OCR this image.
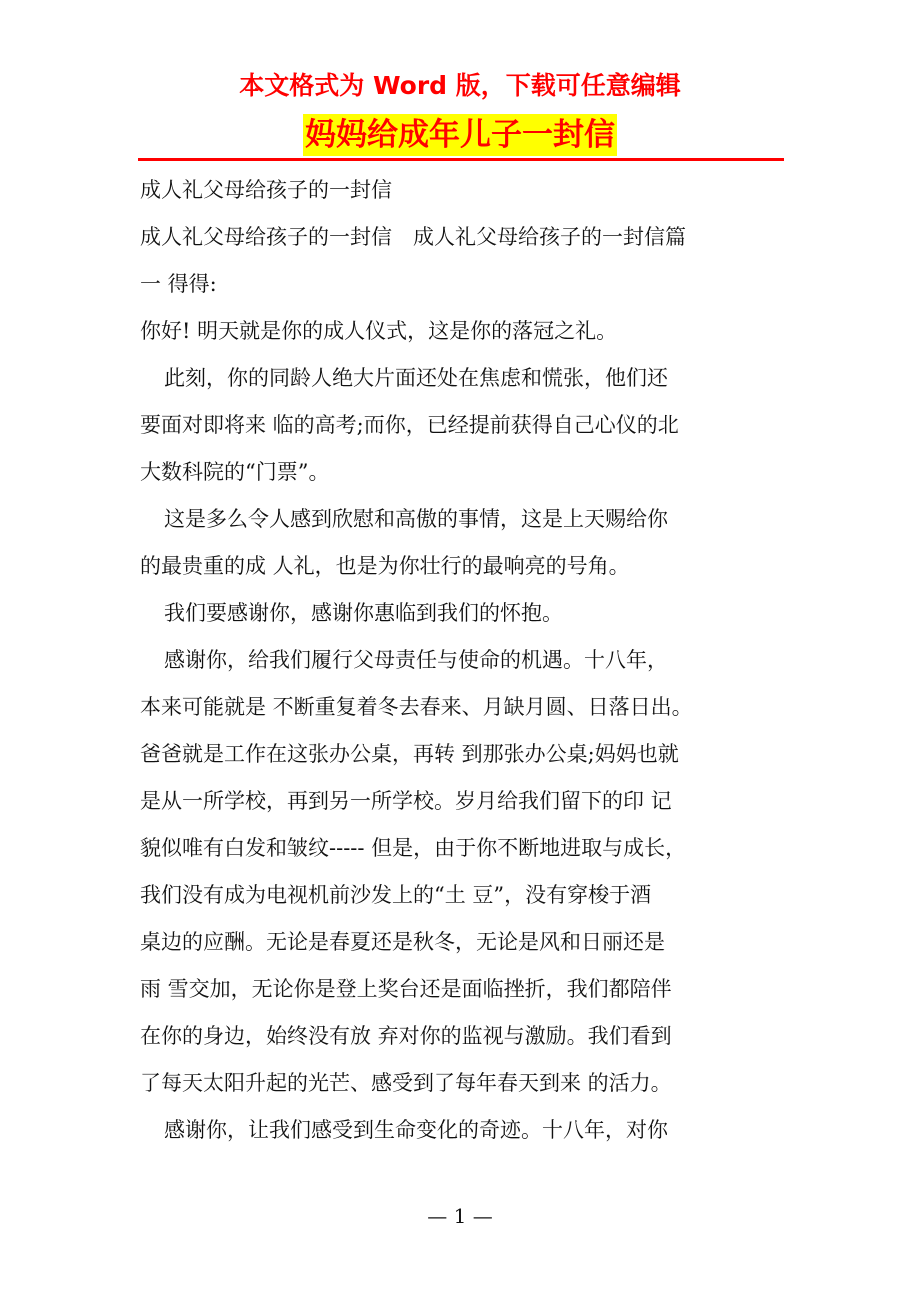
本文格式为 Word 版，下载可任意编辑
妈妈给成年儿子一封信
成人礼父母给孩子的一封信
成人礼父母给孩子的一封信　成人礼父母给孩子的一封信篇
一 得得:
你好! 明天就是你的成人仪式，这是你的落冠之礼。
此刻，你的同龄人绝大片面还处在焦虑和慌张，他们还
要面对即将来 临的高考;而你，已经提前获得自己心仪的北
大数科院的“门票”。
这是多么令人感到欣慰和高傲的事情，这是上天赐给你
的最贵重的成 人礼，也是为你壮行的最响亮的号角。
我们要感谢你，感谢你惠临到我们的怀抱。
感谢你，给我们履行父母责任与使命的机遇。十八年，
本来可能就是 不断重复着冬去春来、月缺月圆、日落日出。
爸爸就是工作在这张办公桌，再转 到那张办公桌;妈妈也就
是从一所学校，再到另一所学校。岁月给我们留下的印 记
貌似唯有白发和皱纹----- 但是，由于你不断地进取与成长，
我们没有成为电视机前沙发上的“土 豆”，没有穿梭于酒
桌边的应酬。无论是春夏还是秋冬，无论是风和日丽还是
雨 雪交加，无论你是登上奖台还是面临挫折，我们都陪伴
在你的身边，始终没有放 弃对你的监视与激励。我们看到
了每天太阳升起的光芒、感受到了每年春天到来 的活力。
感谢你，让我们感受到生命变化的奇迹。十八年，对你
— 1 —
